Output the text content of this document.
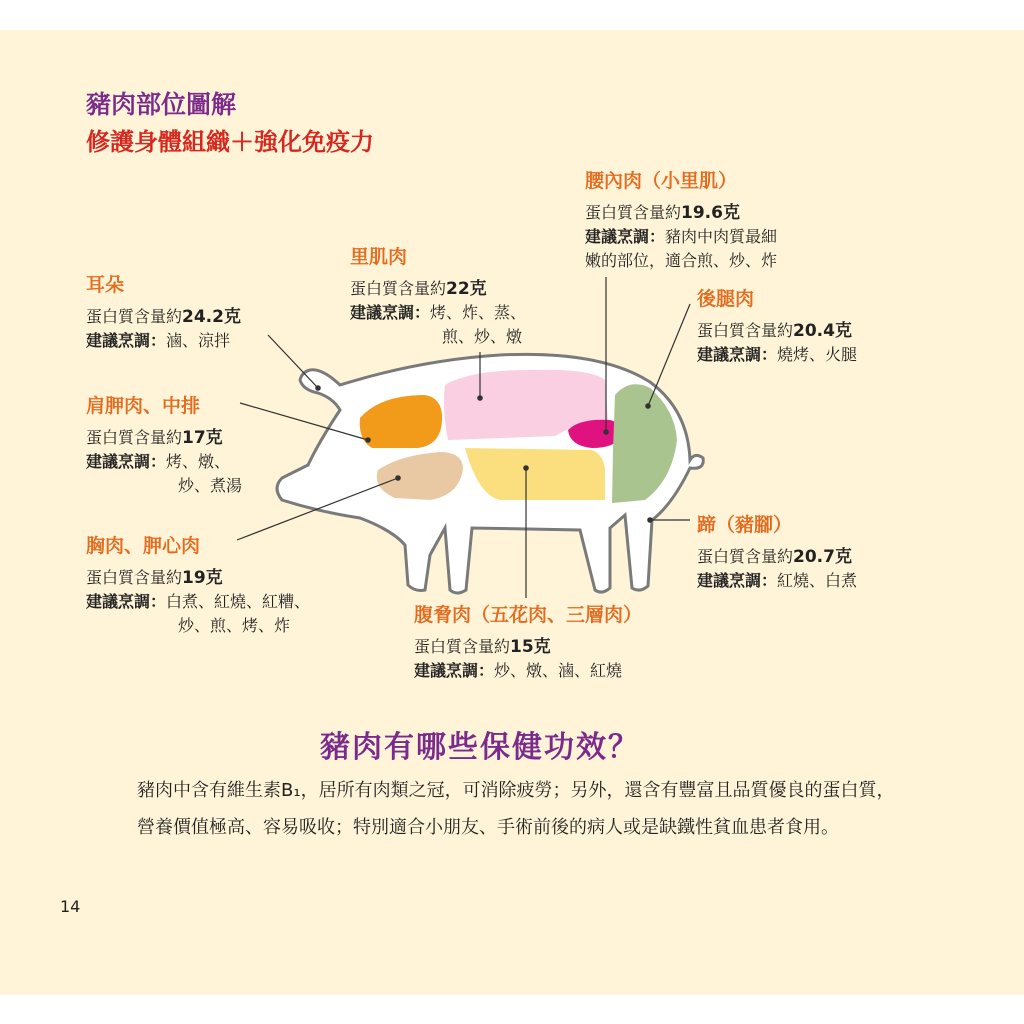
豬肉部位圖解
修護身體組織＋強化免疫力
耳朵
蛋白質含量約24.2克
建議烹調：滷、涼拌
里肌肉
蛋白質含量約22克
建議烹調：烤、炸、蒸、
煎、炒、燉
腰內肉（小里肌）
蛋白質含量約19.6克
建議烹調：豬肉中肉質最細
嫩的部位，適合煎、炒、炸
後腿肉
蛋白質含量約20.4克
建議烹調：燒烤、火腿
肩胛肉、中排
蛋白質含量約17克
建議烹調：烤、燉、
炒、煮湯
蹄（豬腳）
蛋白質含量約20.7克
建議烹調：紅燒、白煮
胸肉、胛心肉
蛋白質含量約19克
建議烹調：白煮、紅燒、紅糟、
炒、煎、烤、炸	腹脅肉（五花肉、三層肉）
蛋白質含量約15克
建議烹調：炒、燉、滷、紅燒
豬肉有哪些保健功效？
豬肉中含有維生素B₁，居所有肉類之冠，可消除疲勞；另外，還含有豐富且品質優良的蛋白質，營養價值極高、容易吸收；特別適合小朋友、手術前後的病人或是缺鐵性貧血患者食用。
14
